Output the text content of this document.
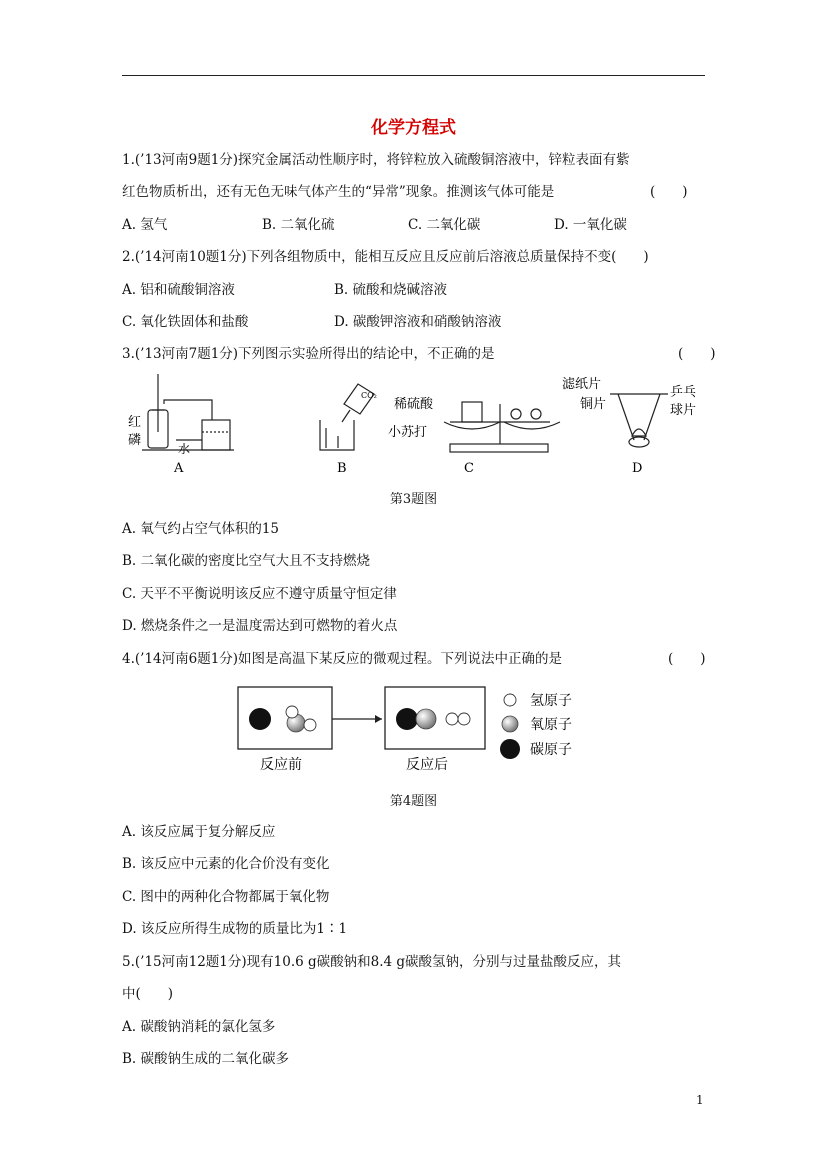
化学方程式
1.(’13河南9题1分)探究金属活动性顺序时，将锌粒放入硫酸铜溶液中，锌粒表面有紫
红色物质析出，还有无色无味气体产生的“异常”现象。推测该气体可能是	(　　)
A. 氢气	B. 二氧化硫	C. 二氧化碳	D. 一氧化碳
2.(’14河南10题1分)下列各组物质中，能相互反应且反应前后溶液总质量保持不变(　　)
A. 铝和硫酸铜溶液	B. 硫酸和烧碱溶液
C. 氧化铁固体和盐酸	D. 碳酸钾溶液和硝酸钠溶液
3.(’13河南7题1分)下列图示实验所得出的结论中，不正确的是	(　　)
红
磷
水
A
CO₂
B
稀硫酸
小苏打
C
滤纸片
铜片
乒乓
球片
D
第3题图
A. 氧气约占空气体积的15
B. 二氧化碳的密度比空气大且不支持燃烧
C. 天平不平衡说明该反应不遵守质量守恒定律
D. 燃烧条件之一是温度需达到可燃物的着火点
4.(’14河南6题1分)如图是高温下某反应的微观过程。下列说法中正确的是	(　　)
反应前	反应后
氢原子
氧原子
碳原子
第4题图
A. 该反应属于复分解反应
B. 该反应中元素的化合价没有变化
C. 图中的两种化合物都属于氧化物
D. 该反应所得生成物的质量比为1∶1
5.(’15河南12题1分)现有10.6 g碳酸钠和8.4 g碳酸氢钠，分别与过量盐酸反应，其
中(　　)
A. 碳酸钠消耗的氯化氢多
B. 碳酸钠生成的二氧化碳多
1
